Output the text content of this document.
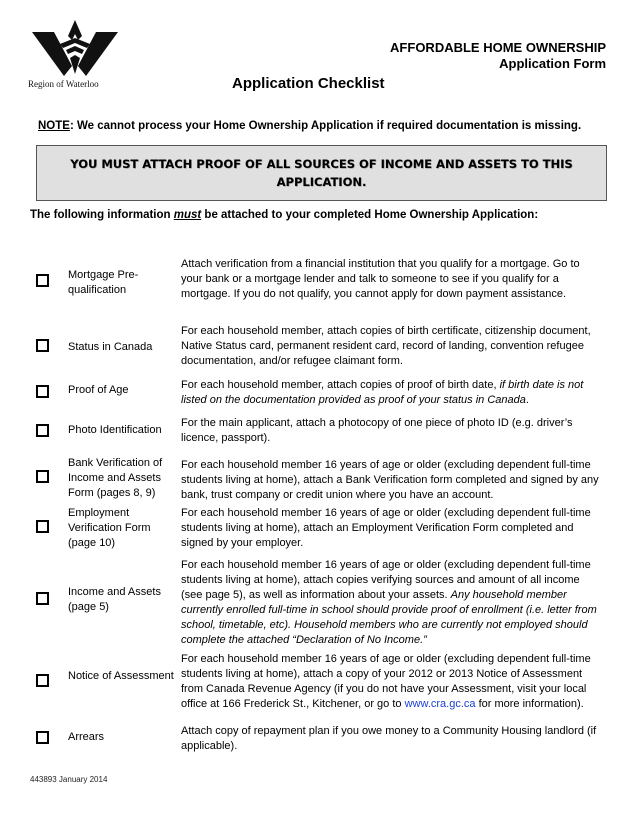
Region of Waterloo
AFFORDABLE HOME OWNERSHIP
Application Form
Application Checklist
NOTE: We cannot process your Home Ownership Application if required documentation is missing.
YOU MUST ATTACH PROOF OF ALL SOURCES OF INCOME AND ASSETS TO THIS APPLICATION.
The following information must be attached to your completed Home Ownership Application:
Mortgage Pre-qualification
Attach verification from a financial institution that you qualify for a mortgage. Go to your bank or a mortgage lender and talk to someone to see if you qualify for a mortgage. If you do not qualify, you cannot apply for down payment assistance.
Status in Canada
For each household member, attach copies of birth certificate, citizenship document, Native Status card, permanent resident card, record of landing, convention refugee documentation, and/or refugee claimant form.
Proof of Age	For each household member, attach copies of proof of birth date, if birth date is not listed on the documentation provided as proof of your status in Canada.
Photo Identification
For the main applicant, attach a photocopy of one piece of photo ID (e.g. driver’s licence, passport).
Bank Verification of Income and Assets Form (pages 8, 9)
For each household member 16 years of age or older (excluding dependent full-time students living at home), attach a Bank Verification form completed and signed by any bank, trust company or credit union where you have an account.
Employment Verification Form (page 10)
For each household member 16 years of age or older (excluding dependent full-time students living at home), attach an Employment Verification Form completed and signed by your employer.
Income and Assets (page 5)
For each household member 16 years of age or older (excluding dependent full-time students living at home), attach copies verifying sources and amount of all income (see page 5), as well as information about your assets. Any household member currently enrolled full-time in school should provide proof of enrollment (i.e. letter from school, timetable, etc). Household members who are currently not employed should complete the attached “Declaration of No Income.”
Notice of Assessment
For each household member 16 years of age or older (excluding dependent full-time students living at home), attach a copy of your 2012 or 2013 Notice of Assessment from Canada Revenue Agency (if you do not have your Assessment, visit your local office at 166 Frederick St., Kitchener, or go to www.cra.gc.ca for more information).
Arrears	Attach copy of repayment plan if you owe money to a Community Housing landlord (if applicable).
443893 January 2014
